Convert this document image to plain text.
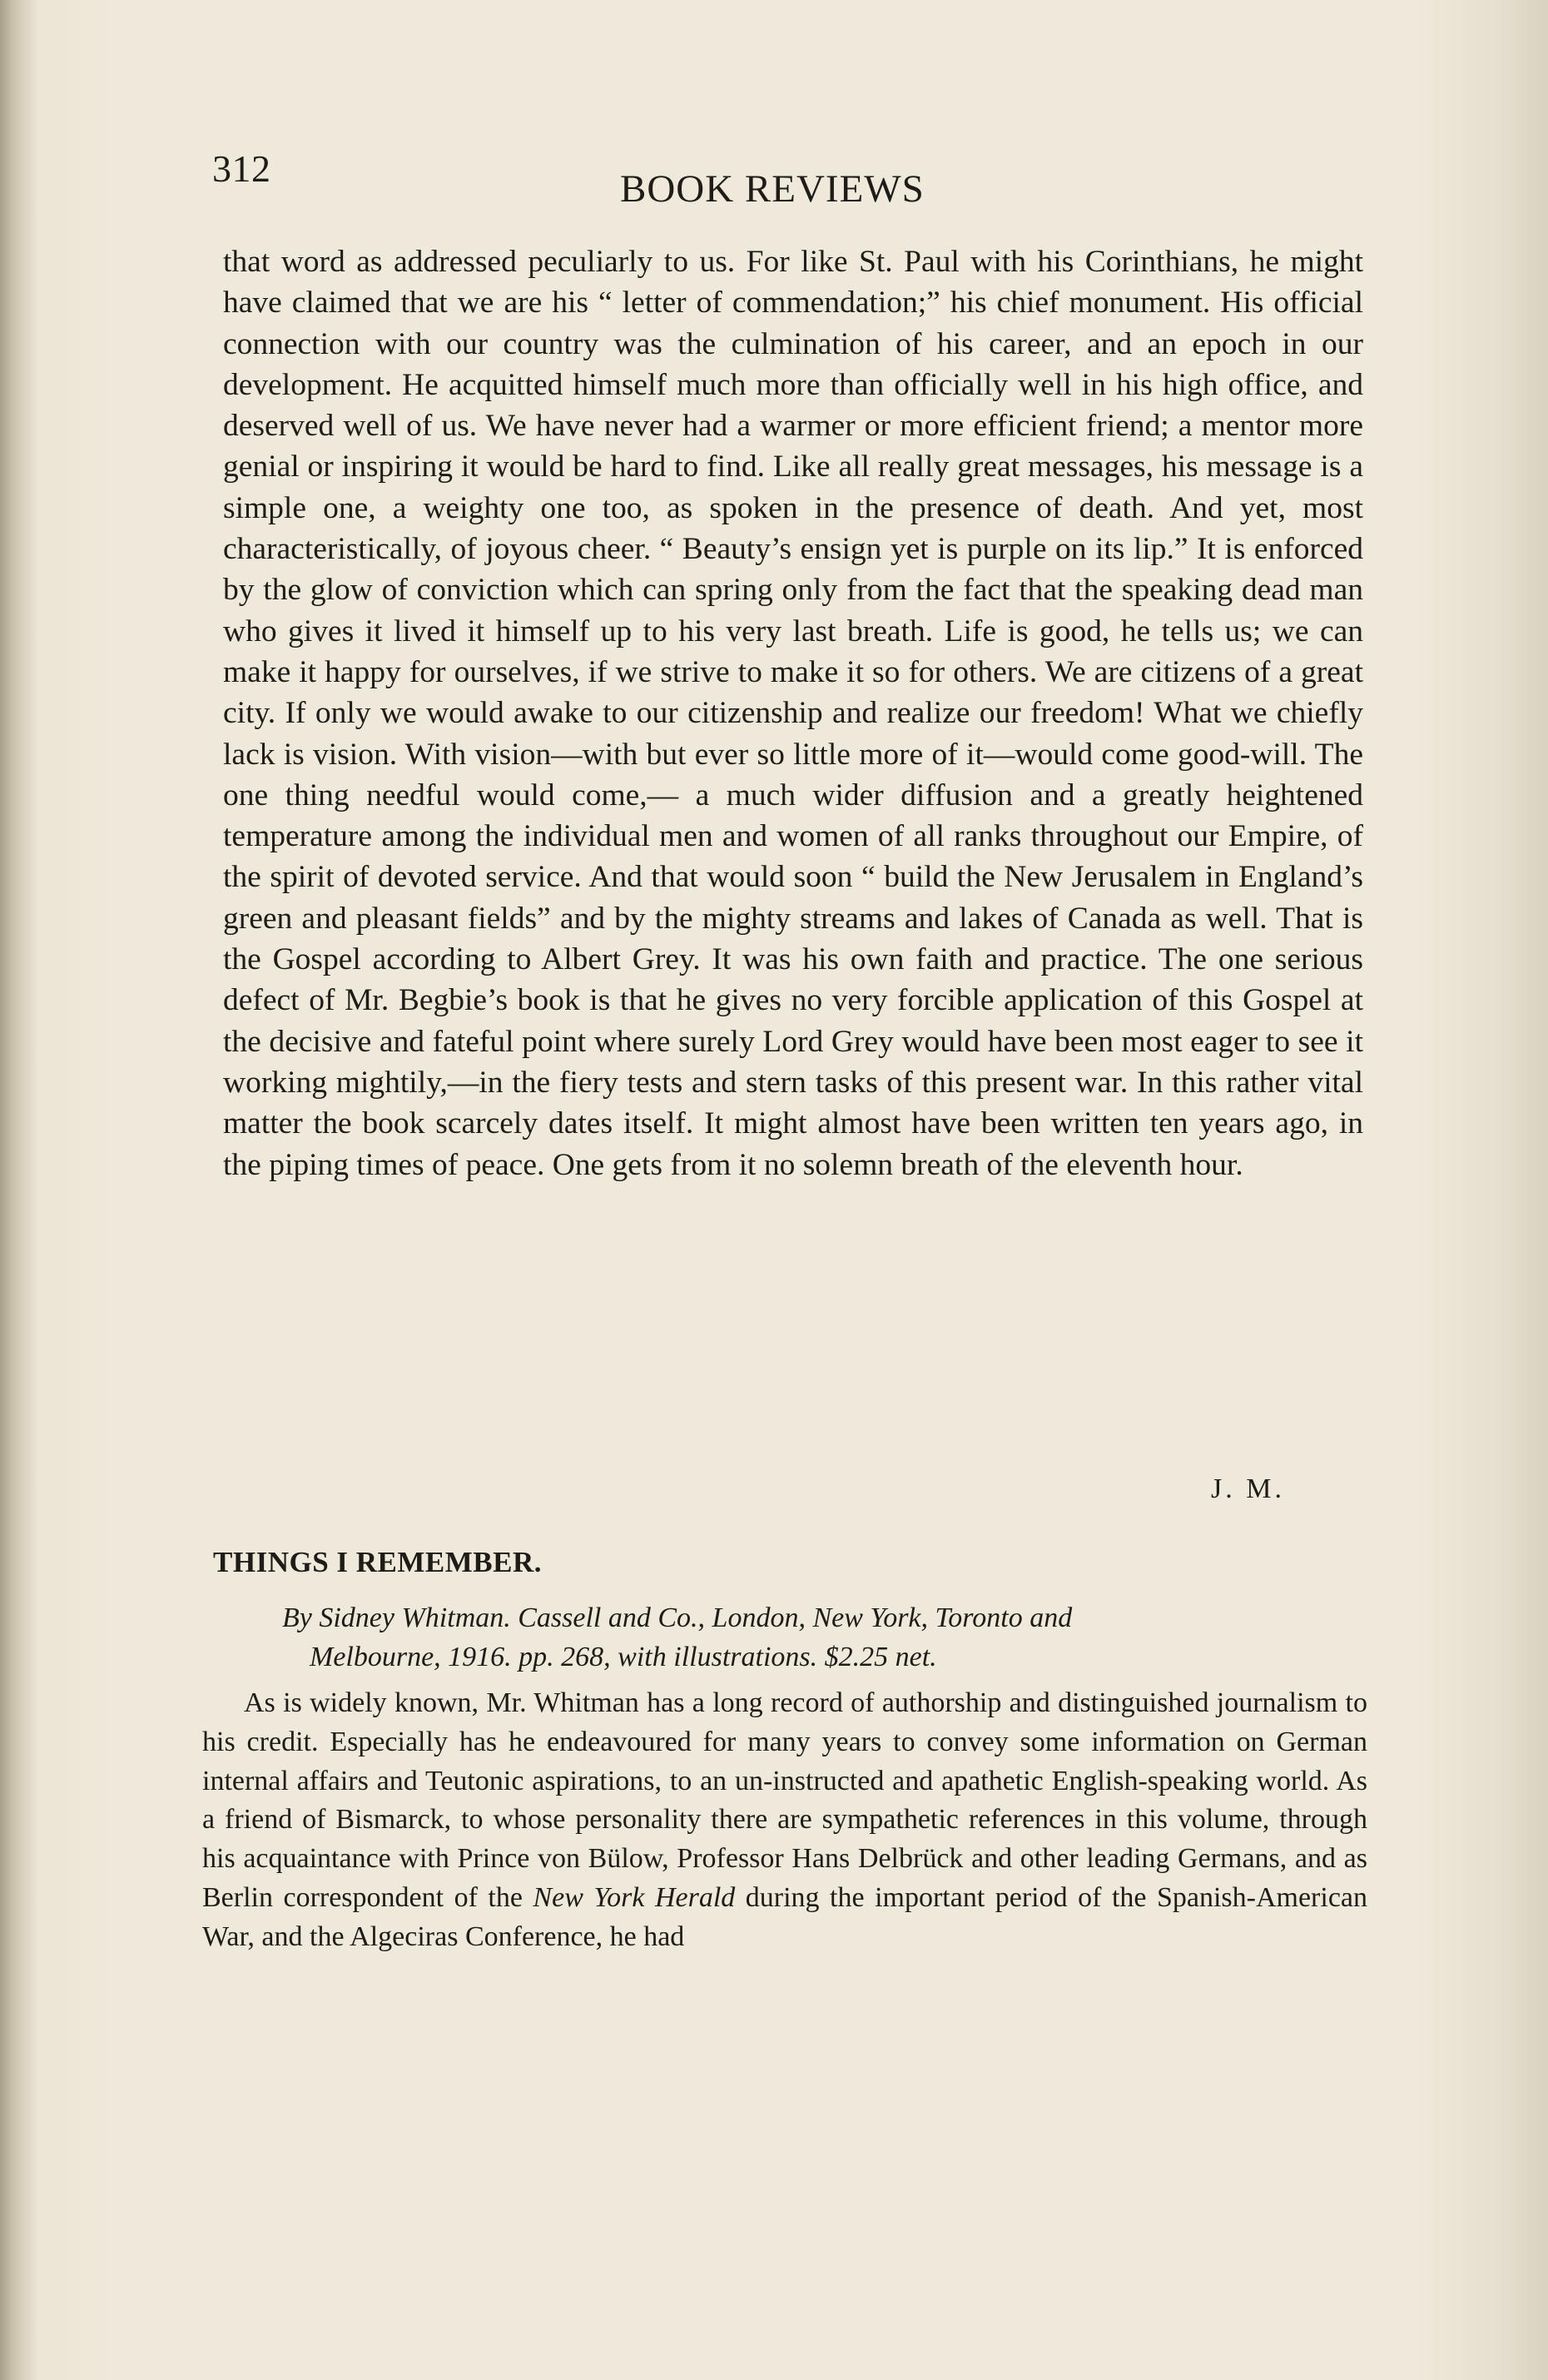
312	BOOK REVIEWS

that word as addressed peculiarly to us. For like St. Paul with his Corinthians, he might have claimed that we are his “ letter of commendation;” his chief monument. His official connection with our country was the culmination of his career, and an epoch in our development. He acquitted himself much more than officially well in his high office, and deserved well of us. We have never had a warmer or more efficient friend; a mentor more genial or inspiring it would be hard to find. Like all really great messages, his message is a simple one, a weighty one too, as spoken in the presence of death. And yet, most characteristically, of joyous cheer. “ Beauty’s ensign yet is purple on its lip.” It is enforced by the glow of conviction which can spring only from the fact that the speaking dead man who gives it lived it himself up to his very last breath. Life is good, he tells us; we can make it happy for ourselves, if we strive to make it so for others. We are citizens of a great city. If only we would awake to our citizenship and realize our freedom! What we chiefly lack is vision. With vision—with but ever so little more of it—would come good-will. The one thing needful would come,— a much wider diffusion and a greatly heightened temperature among the individual men and women of all ranks throughout our Empire, of the spirit of devoted service. And that would soon “ build the New Jerusalem in England’s green and pleasant fields” and by the mighty streams and lakes of Canada as well. That is the Gospel according to Albert Grey. It was his own faith and practice. The one serious defect of Mr. Begbie’s book is that he gives no very forcible application of this Gospel at the decisive and fateful point where surely Lord Grey would have been most eager to see it working mightily,—in the fiery tests and stern tasks of this present war. In this rather vital matter the book scarcely dates itself. It might almost have been written ten years ago, in the piping times of peace. One gets from it no solemn breath of the eleventh hour.

J. M.
THINGS I REMEMBER.
By Sidney Whitman. Cassell and Co., London, New York, Toronto and
Melbourne, 1916. pp. 268, with illustrations. $2.25 net.

As is widely known, Mr. Whitman has a long record of authorship and distinguished journalism to his credit. Especially has he endeavoured for many years to convey some information on German internal affairs and Teutonic aspirations, to an un-instructed and apathetic English-speaking world. As a friend of Bismarck, to whose personality there are sympathetic references in this volume, through his acquaintance with Prince von Bülow, Professor Hans Delbrück and other leading Germans, and as Berlin correspondent of the New York Herald during the important period of the Spanish-American War, and the Algeciras Conference, he had
